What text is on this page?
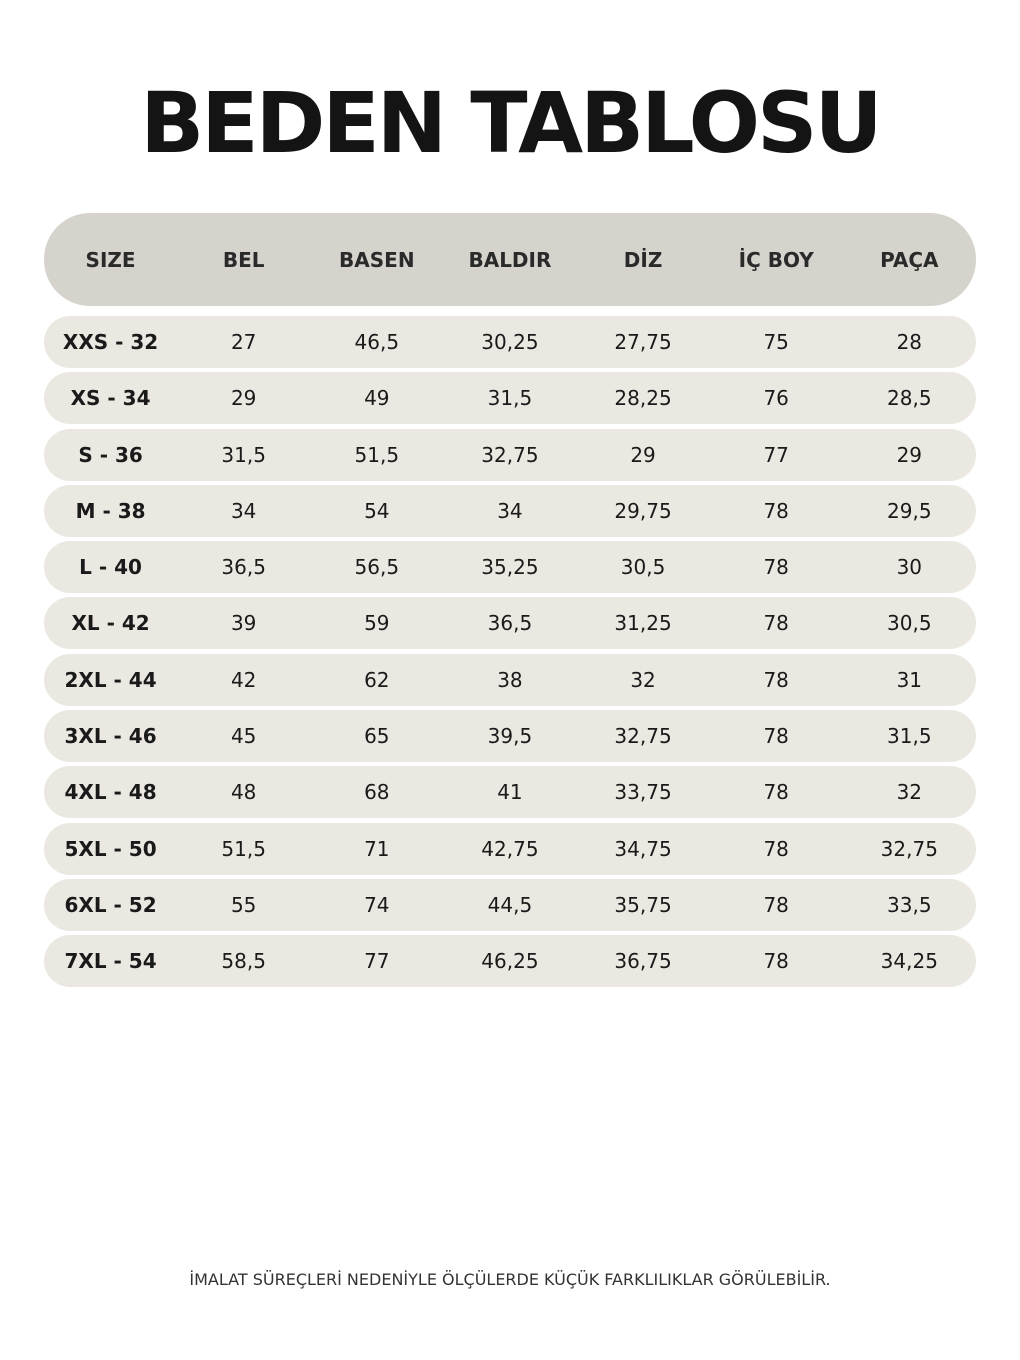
BEDEN TABLOSU
SIZE	BEL	BASEN	BALDIR	DİZ	İÇ BOY	PAÇA
XXS - 32	27	46,5	30,25	27,75	75	28
XS - 34	29	49	31,5	28,25	76	28,5
S - 36	31,5	51,5	32,75	29	77	29
M - 38	34	54	34	29,75	78	29,5
L - 40	36,5	56,5	35,25	30,5	78	30
XL - 42	39	59	36,5	31,25	78	30,5
2XL - 44	42	62	38	32	78	31
3XL - 46	45	65	39,5	32,75	78	31,5
4XL - 48	48	68	41	33,75	78	32
5XL - 50	51,5	71	42,75	34,75	78	32,75
6XL - 52	55	74	44,5	35,75	78	33,5
7XL - 54	58,5	77	46,25	36,75	78	34,25
İMALAT SÜREÇLERİ NEDENİYLE ÖLÇÜLERDE KÜÇÜK FARKLILIKLAR GÖRÜLEBİLİR.
